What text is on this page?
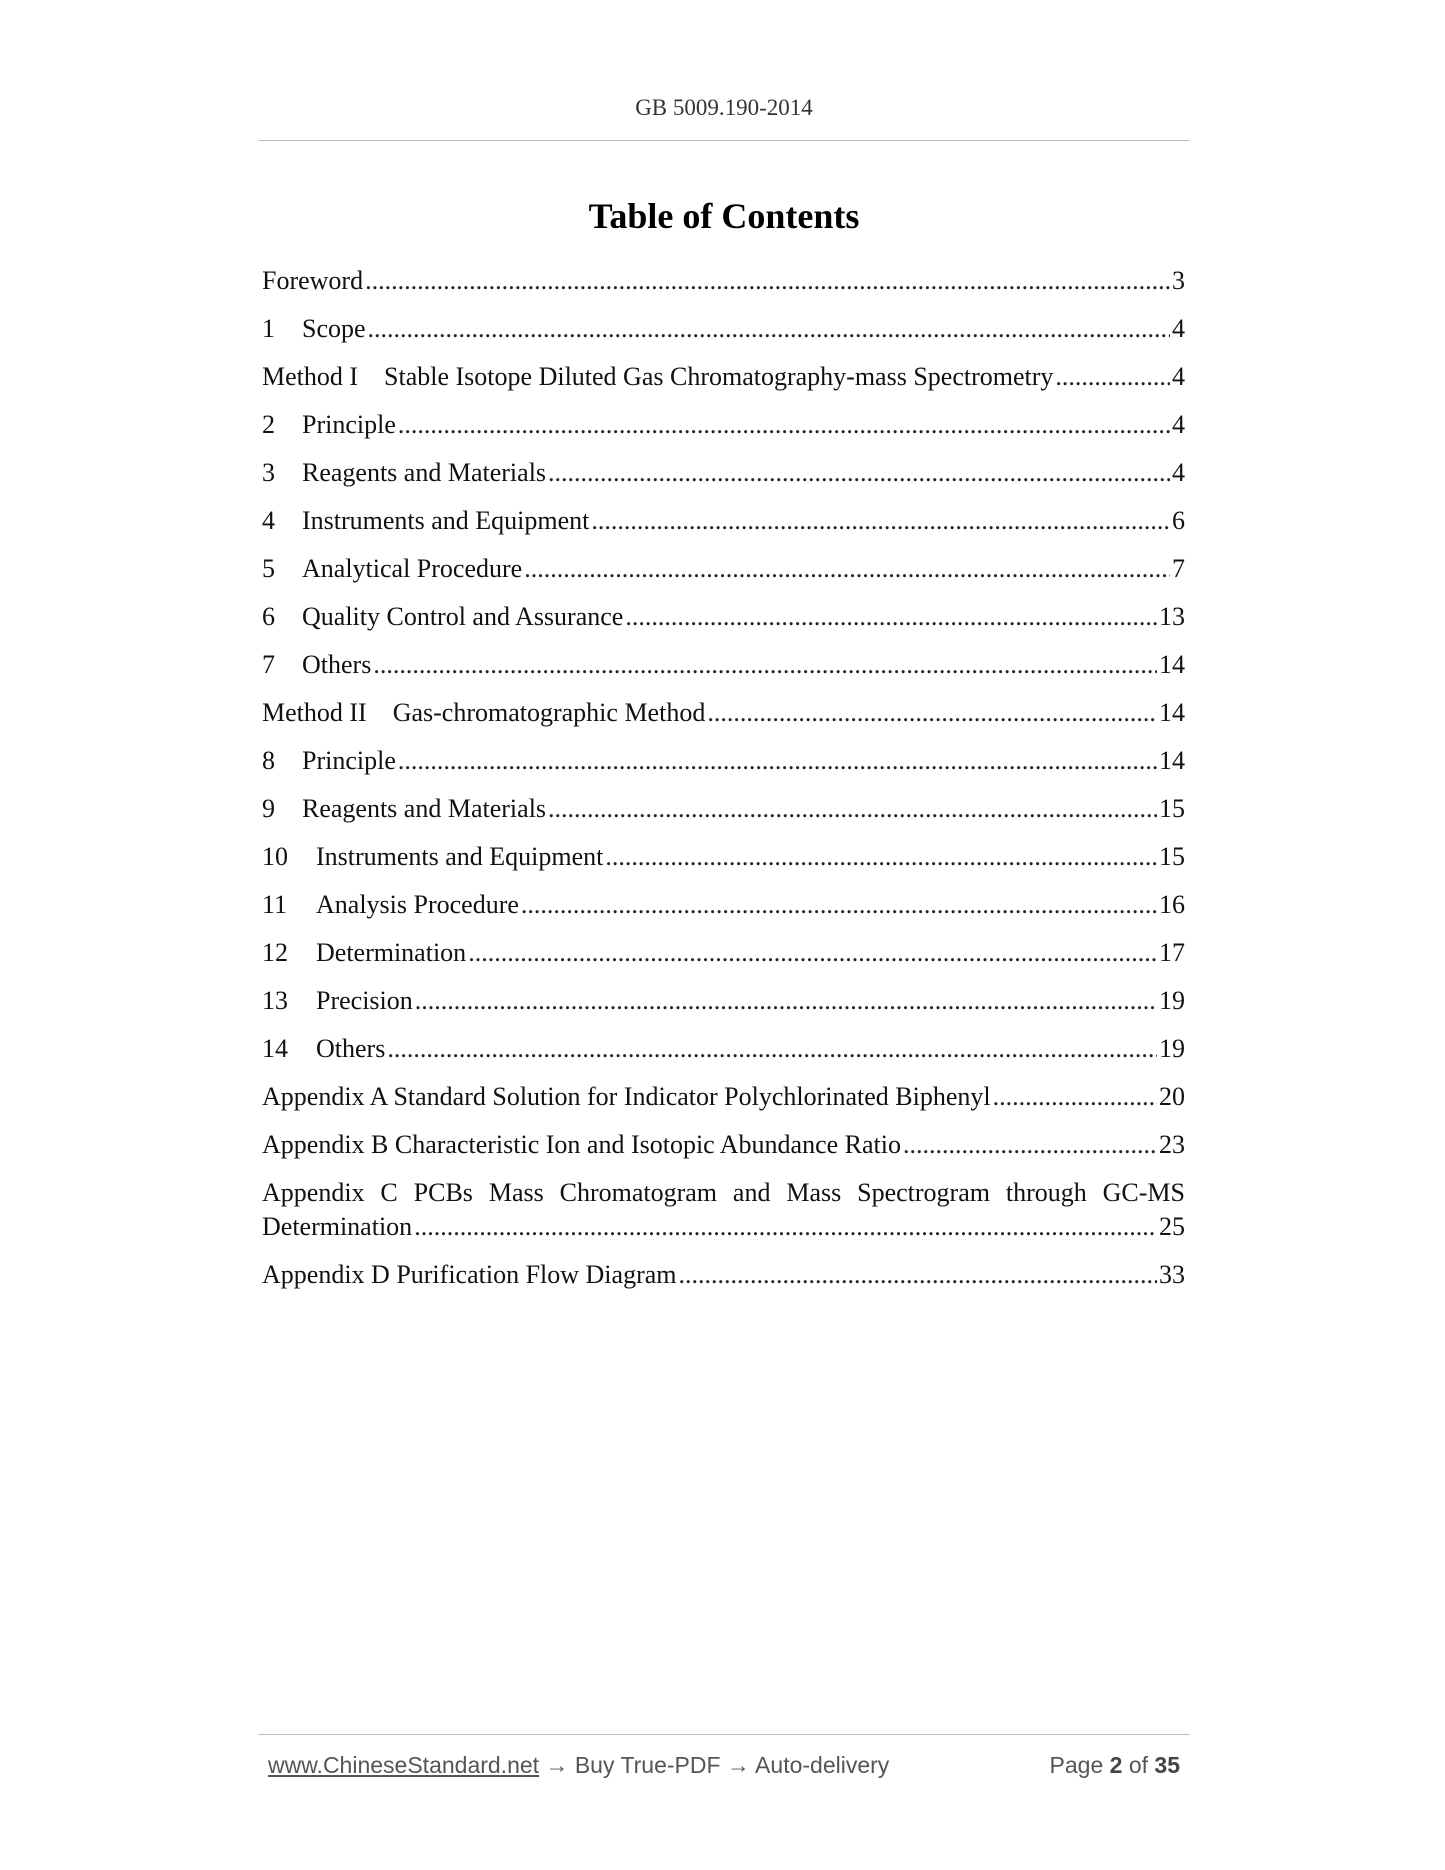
GB 5009.190-2014
Table of Contents
Foreword .....	3
1	Scope .....	4
Method I    Stable Isotope Diluted Gas Chromatography-mass Spectrometry .....	4
2	Principle .....	4
3	Reagents and Materials .....	4
4	Instruments and Equipment .....	6
5	Analytical Procedure .....	7
6	Quality Control and Assurance .....	13
7	Others .....	14
Method II    Gas-chromatographic Method .....	14
8	Principle .....	14
9	Reagents and Materials .....	15
10	Instruments and Equipment .....	15
11	Analysis Procedure .....	16
12	Determination .....	17
13	Precision .....	19
14	Others .....	19
Appendix A Standard Solution for Indicator Polychlorinated Biphenyl .....	20
Appendix B Characteristic Ion and Isotopic Abundance Ratio .....	23
Appendix C PCBs Mass Chromatogram and Mass Spectrogram through GC-MS
Determination .....	25
Appendix D Purification Flow Diagram .....	33
www.ChineseStandard.net → Buy True-PDF → Auto-delivery	Page 2 of 35
